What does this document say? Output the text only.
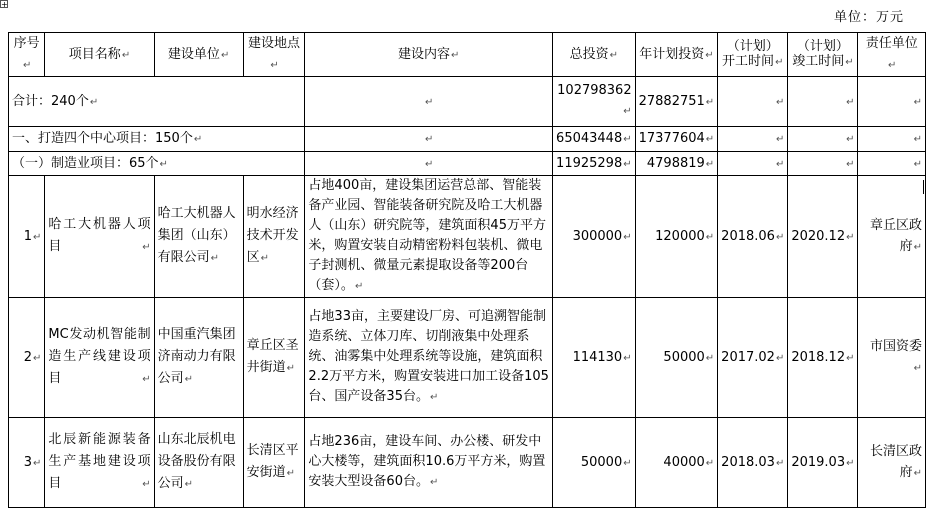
+
单位：万元
序号↵	项目名称↵	建设单位↵	建设地点↵	建设内容↵	总投资↵	年计划投资↵	（计划）开工时间↵	（计划）竣工时间↵	责任单位↵
合计：240个↵				↵	102798362↵	27882751↵	↵	↵	↵
一、打造四个中心项目：150个↵				↵	65043448↵	17377604↵	↵	↵	↵
（一）制造业项目：65个↵				↵	11925298↵	4798819↵	↵	↵	↵
1↵	哈工大机器人项目↵	哈工大机器人集团（山东）有限公司↵	明水经济技术开发区↵	占地400亩，建设集团运营总部、智能装备产业园、智能装备研究院及哈工大机器人（山东）研究院等，建筑面积45万平方米，购置安装自动精密粉料包装机、微电子封测机、微量元素提取设备等200台（套）。↵	300000↵	120000↵	2018.06↵	2020.12↵	章丘区政府↵
2↵	MC发动机智能制造生产线建设项目↵	中国重汽集团济南动力有限公司↵	章丘区圣井街道↵	占地33亩，主要建设厂房、可追溯智能制造系统、立体刀库、切削液集中处理系统、油雾集中处理系统等设施，建筑面积2.2万平方米，购置安装进口加工设备105台、国产设备35台。↵	114130↵	50000↵	2017.02↵	2018.12↵	市国资委↵
3↵	北辰新能源装备生产基地建设项目↵	山东北辰机电设备股份有限公司↵	长清区平安街道↵	占地236亩，建设车间、办公楼、研发中心大楼等，建筑面积10.6万平方米，购置安装大型设备60台。↵	50000↵	40000↵	2018.03↵	2019.03↵	长清区政府↵
